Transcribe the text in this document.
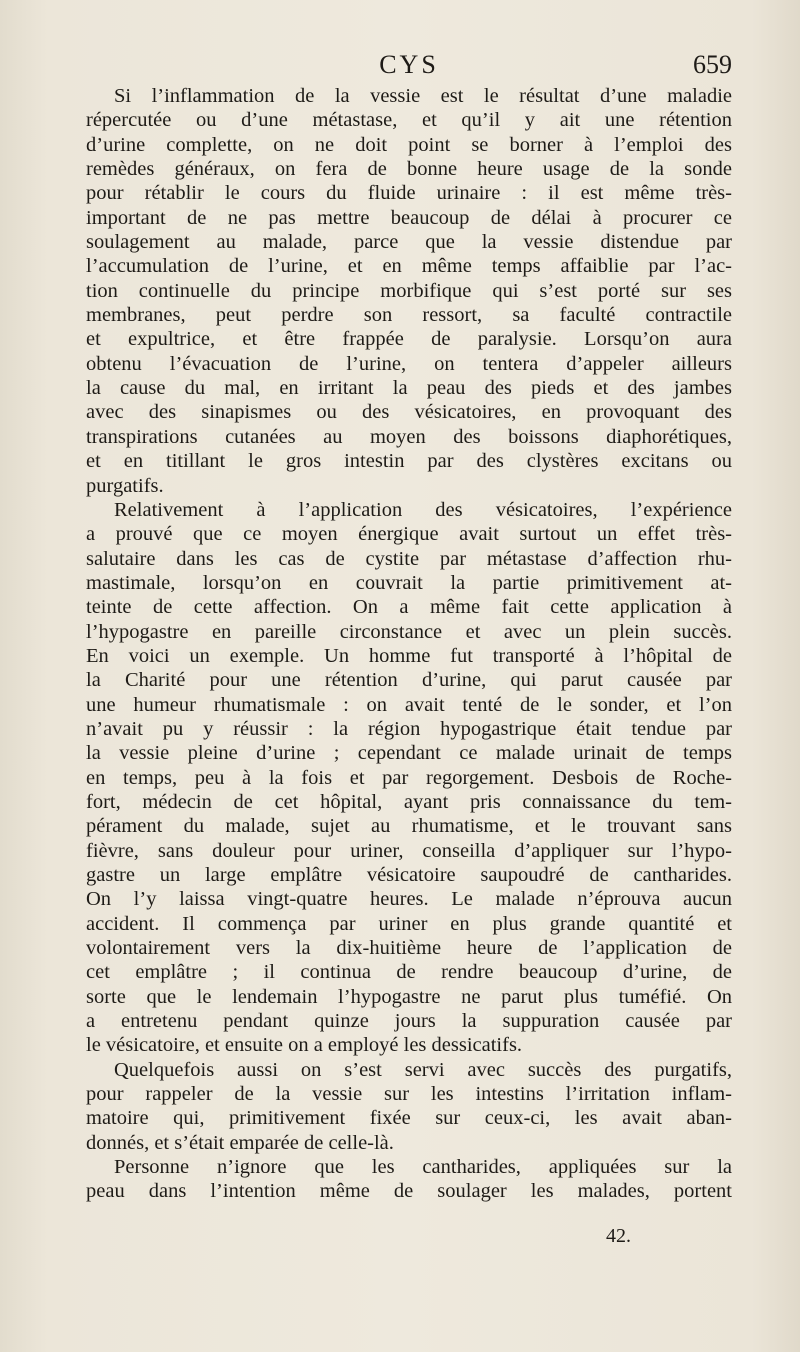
CYS	659

Si l’inflammation de la vessie est le résultat d’une maladie
répercutée ou d’une métastase, et qu’il y ait une rétention
d’urine complette, on ne doit point se borner à l’emploi des
remèdes généraux, on fera de bonne heure usage de la sonde
pour rétablir le cours du fluide urinaire : il est même très-
important de ne pas mettre beaucoup de délai à procurer ce
soulagement au malade, parce que la vessie distendue par
l’accumulation de l’urine, et en même temps affaiblie par l’ac-
tion continuelle du principe morbifique qui s’est porté sur ses
membranes, peut perdre son ressort, sa faculté contractile
et expultrice, et être frappée de paralysie. Lorsqu’on aura
obtenu l’évacuation de l’urine, on tentera d’appeler ailleurs
la cause du mal, en irritant la peau des pieds et des jambes
avec des sinapismes ou des vésicatoires, en provoquant des
transpirations cutanées au moyen des boissons diaphorétiques,
et en titillant le gros intestin par des clystères excitans ou
purgatifs.

Relativement à l’application des vésicatoires, l’expérience
a prouvé que ce moyen énergique avait surtout un effet très-
salutaire dans les cas de cystite par métastase d’affection rhu-
mastimale, lorsqu’on en couvrait la partie primitivement at-
teinte de cette affection. On a même fait cette application à
l’hypogastre en pareille circonstance et avec un plein succès.
En voici un exemple. Un homme fut transporté à l’hôpital de
la Charité pour une rétention d’urine, qui parut causée par
une humeur rhumatismale : on avait tenté de le sonder, et l’on
n’avait pu y réussir : la région hypogastrique était tendue par
la vessie pleine d’urine ; cependant ce malade urinait de temps
en temps, peu à la fois et par regorgement. Desbois de Roche-
fort, médecin de cet hôpital, ayant pris connaissance du tem-
pérament du malade, sujet au rhumatisme, et le trouvant sans
fièvre, sans douleur pour uriner, conseilla d’appliquer sur l’hypo-
gastre un large emplâtre vésicatoire saupoudré de cantharides.
On l’y laissa vingt-quatre heures. Le malade n’éprouva aucun
accident. Il commença par uriner en plus grande quantité et
volontairement vers la dix-huitième heure de l’application de
cet emplâtre ; il continua de rendre beaucoup d’urine, de
sorte que le lendemain l’hypogastre ne parut plus tuméfié. On
a entretenu pendant quinze jours la suppuration causée par
le vésicatoire, et ensuite on a employé les dessicatifs.

Quelquefois aussi on s’est servi avec succès des purgatifs,
pour rappeler de la vessie sur les intestins l’irritation inflam-
matoire qui, primitivement fixée sur ceux-ci, les avait aban-
donnés, et s’était emparée de celle-là.

Personne n’ignore que les cantharides, appliquées sur la
peau dans l’intention même de soulager les malades, portent

42.
